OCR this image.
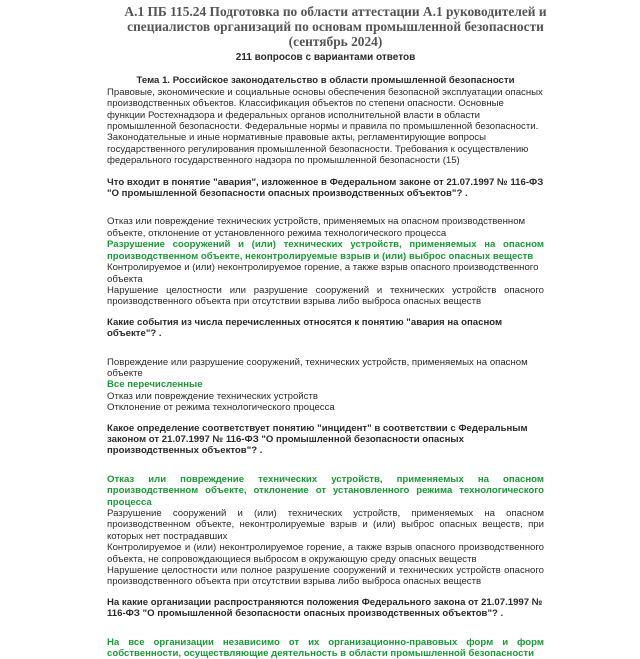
А.1 ПБ 115.24 Подготовка по области аттестации А.1 руководителей и специалистов организаций по основам промышленной безопасности (сентябрь 2024)
211 вопросов с вариантами ответов
Тема 1. Российское законодательство в области промышленной безопасности
Правовые, экономические и социальные основы обеспечения безопасной эксплуатации опасных производственных объектов. Классификация объектов по степени опасности. Основные функции Ростехнадзора и федеральных органов исполнительной власти в области промышленной безопасности. Федеральные нормы и правила по промышленной безопасности. Законодательные и иные нормативные правовые акты, регламентирующие вопросы государственного регулирования промышленной безопасности. Требования к осуществлению федерального государственного надзора по промышленной безопасности (15)
Что входит в понятие "авария", изложенное в Федеральном законе от 21.07.1997 № 116-ФЗ "О промышленной безопасности опасных производственных объектов"? .
Отказ или повреждение технических устройств, применяемых на опасном производственном объекте, отклонение от установленного режима технологического процесса
Разрушение сооружений и (или) технических устройств, применяемых на опасном производственном объекте, неконтролируемые взрыв и (или) выброс опасных веществ
Контролируемое и (или) неконтролируемое горение, а также взрыв опасного производственного объекта
Нарушение целостности или разрушение сооружений и технических устройств опасного производственного объекта при отсутствии взрыва либо выброса опасных веществ
Какие события из числа перечисленных относятся к понятию "авария на опасном объекте"? .
Повреждение или разрушение сооружений, технических устройств, применяемых на опасном объекте
Все перечисленные
Отказ или повреждение технических устройств
Отклонение от режима технологического процесса
Какое определение соответствует понятию "инцидент" в соответствии с Федеральным законом от 21.07.1997 № 116-ФЗ "О промышленной безопасности опасных производственных объектов"? .
Отказ или повреждение технических устройств, применяемых на опасном производственном объекте, отклонение от установленного режима технологического процесса
Разрушение сооружений и (или) технических устройств, применяемых на опасном производственном объекте, неконтролируемые взрыв и (или) выброс опасных веществ, при которых нет пострадавших
Контролируемое и (или) неконтролируемое горение, а также взрыв опасного производственного объекта, не сопровождающиеся выбросом в окружающую среду опасных веществ
Нарушение целостности или полное разрушение сооружений и технических устройств опасного производственного объекта при отсутствии взрыва либо выброса опасных веществ
На какие организации распространяются положения Федерального закона от 21.07.1997 № 116-ФЗ "О промышленной безопасности опасных производственных объектов"? .
На все организации независимо от их организационно-правовых форм и форм собственности, осуществляющие деятельность в области промышленной безопасности
